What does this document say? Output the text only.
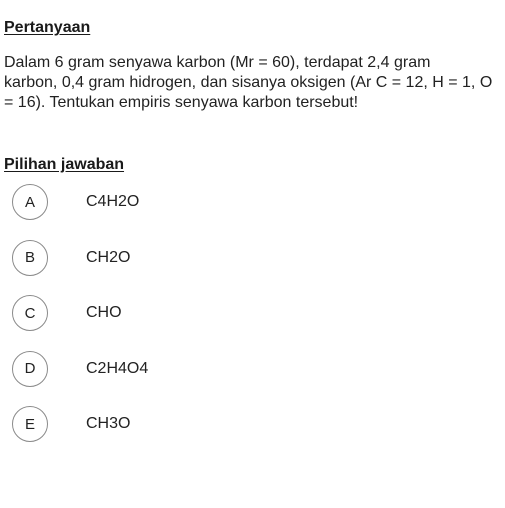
Pertanyaan
Dalam 6 gram senyawa karbon (Mr = 60), terdapat 2,4 gram
karbon, 0,4 gram hidrogen, dan sisanya oksigen (Ar C = 12, H = 1, O
= 16). Tentukan empiris senyawa karbon tersebut!
Pilihan jawaban
A	C4H2O
B	CH2O
C	CHO
D	C2H4O4
E	CH3O
